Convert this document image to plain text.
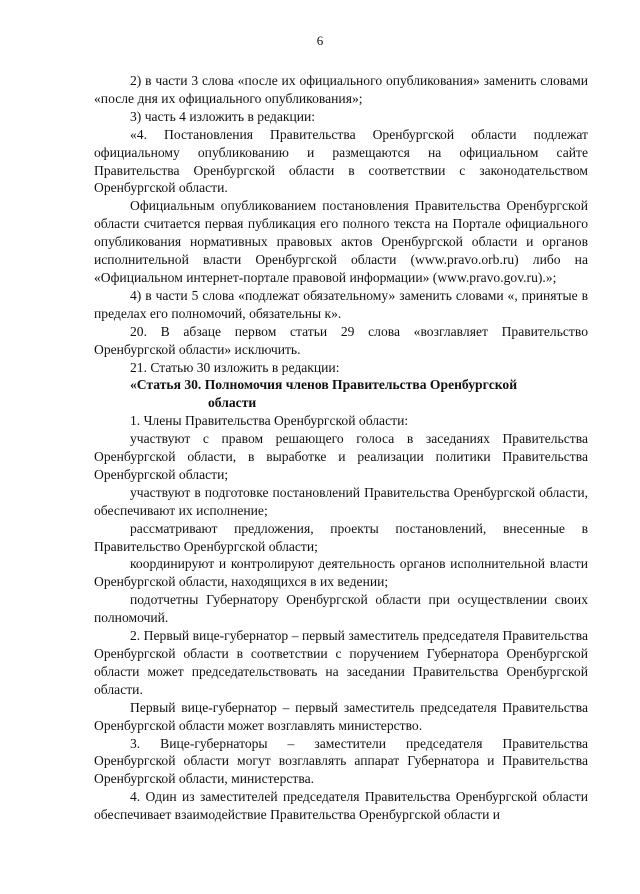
6

2) в части 3 слова «после их официального опубликования» заменить словами «после дня их официального опубликования»;

3) часть 4 изложить в редакции:

«4. Постановления Правительства Оренбургской области подлежат официальному опубликованию и размещаются на официальном сайте Правительства Оренбургской области в соответствии с законодательством Оренбургской области.

Официальным опубликованием постановления Правительства Оренбургской области считается первая публикация его полного текста на Портале официального опубликования нормативных правовых актов Оренбургской области и органов исполнительной власти Оренбургской области (www.pravo.orb.ru) либо на «Официальном интернет-портале правовой информации» (www.pravo.gov.ru).»;

4) в части 5 слова «подлежат обязательному» заменить словами «, принятые в пределах его полномочий, обязательны к».

20. В абзаце первом статьи 29 слова «возглавляет Правительство Оренбургской области» исключить.

21. Статью 30 изложить в редакции:

«Статья 30. Полномочия членов Правительства Оренбургской
области

1. Члены Правительства Оренбургской области:

участвуют с правом решающего голоса в заседаниях Правительства Оренбургской области, в выработке и реализации политики Правительства Оренбургской области;

участвуют в подготовке постановлений Правительства Оренбургской области, обеспечивают их исполнение;

рассматривают предложения, проекты постановлений, внесенные в Правительство Оренбургской области;

координируют и контролируют деятельность органов исполнительной власти Оренбургской области, находящихся в их ведении;

подотчетны Губернатору Оренбургской области при осуществлении своих полномочий.

2. Первый вице-губернатор – первый заместитель председателя Правительства Оренбургской области в соответствии с поручением Губернатора Оренбургской области может председательствовать на заседании Правительства Оренбургской области.

Первый вице-губернатор – первый заместитель председателя Правительства Оренбургской области может возглавлять министерство.

3. Вице-губернаторы – заместители председателя Правительства Оренбургской области могут возглавлять аппарат Губернатора и Правительства Оренбургской области, министерства.

4. Один из заместителей председателя Правительства Оренбургской области обеспечивает взаимодействие Правительства Оренбургской области и
